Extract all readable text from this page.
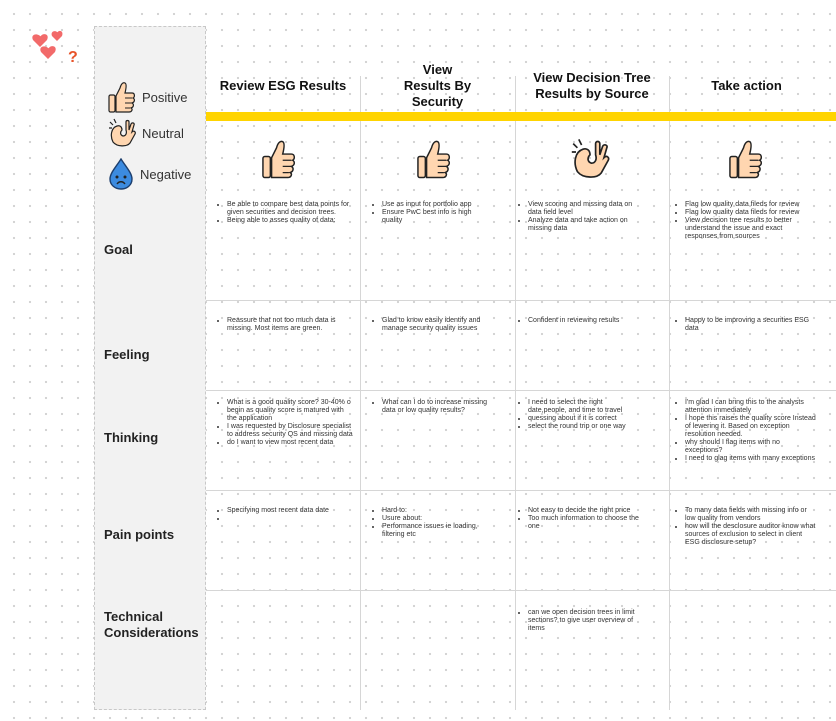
?
Positive
Neutral
Negative
Review ESG Results
View Results By Security
View Decision Tree Results by Source
Take action
Goal
Feeling
Thinking
Pain points
Technical Considerations
• Be able to compare best data points for given securities and decision trees.
• Being able to asses quality of data:
• Use as input for portfolio app
• Ensure PwC best info is high quality
• View scoring and missing data on data field level
• Analyze data and take action on missing data
• Flag low quality data fileds for review
• Flag low quality data fileds for review
• View decision tree results to better understand the issue and exact responses from sources
• Reassure that not too much data is missing. Most items are green.
• Glad to know easily identify and manage security quality issues
• Confident in reviewing results	• Happy to be improving a securities ESG data
• What is a good quality score? 30-40% o begin as quality score is matured with the application
• I was requested by Disclosure specialist to address security QS and missing data
• do I want to view most recent data
• What can I do to increase missing data or low quality results?
• I need to select the right date,people, and time to travel
• quessing about if it is correct
• select the round trip or one way
• I'm glad I can bring this to the analysts attention immediately
• I hope this raises the quality score Instead of lewering it. Based on exception resolution needed.
• why should I flag items with no exceptions?
• I need to glag items with many exceptions
• Specifying most recent data date
•	• Hard to:
• Usure about:
• Performance issues ie loading, filtering etc
• Not easy to decide the right price
• Too much information to choose the one
• To many data fields with missing info or low quality from vendors
• how will the desclosure auditor know what sources of exclusion to select in client ESG disclosure setup?
• can we open decision trees in limit sections? to give user overview of items
